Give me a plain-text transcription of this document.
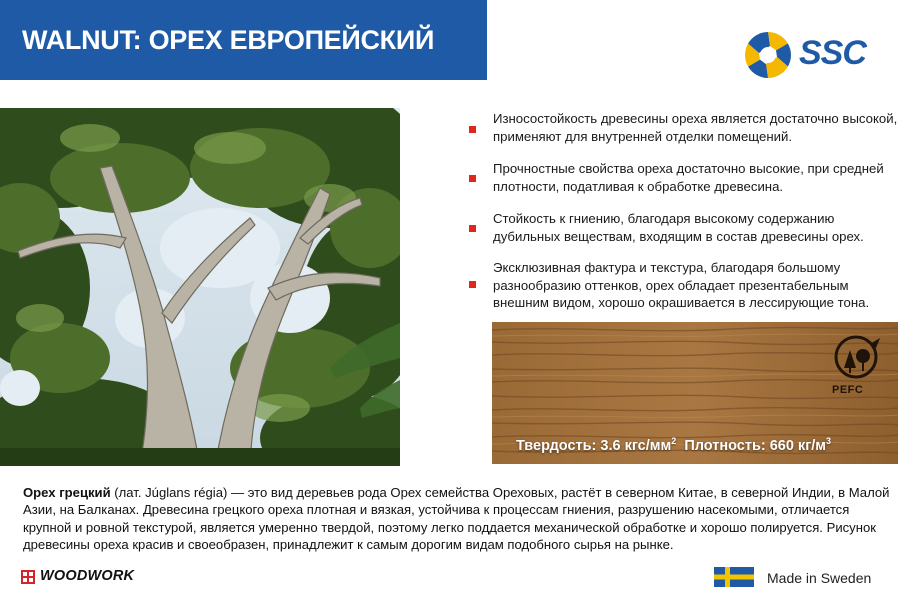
WALNUT: ОРЕХ ЕВРОПЕЙСКИЙ	SSC
Износостойкость древесины ореха является достаточно высокой, применяют для внутренней отделки помещений.
Прочностные свойства ореха достаточно высокие, при средней плотности, податливая к обработке древесина.
Стойкость к гниению, благодаря высокому содержанию дубильных веществам, входящим в состав древесины орех.
Эксклюзивная фактура и текстура, благодаря большому разнообразию оттенков, орех обладает презентабельным внешним видом, хорошо окрашивается в лессирующие тона.
PEFC
Твердость: 3.6 кгс/$мм^2$ Плотность: 660 $кг/м^3$
Орех грецкий (лат. Júglans régia) — это вид деревьев рода Орех семейства Ореховых, растёт в северном Китае, в северной Индии, в Малой Азии, на Балканах. Древесина грецкого ореха плотная и вязкая, устойчива к процессам гниения, разрушению насекомыми, отличается крупной и ровной текстурой, является умеренно твердой, поэтому легко поддается механической обработке и хорошо полируется. Рисунок древесины ореха красив и своеобразен, принадлежит к самым дорогим видам подобного сырья на рынке.
WOODWORK	Made in Sweden
